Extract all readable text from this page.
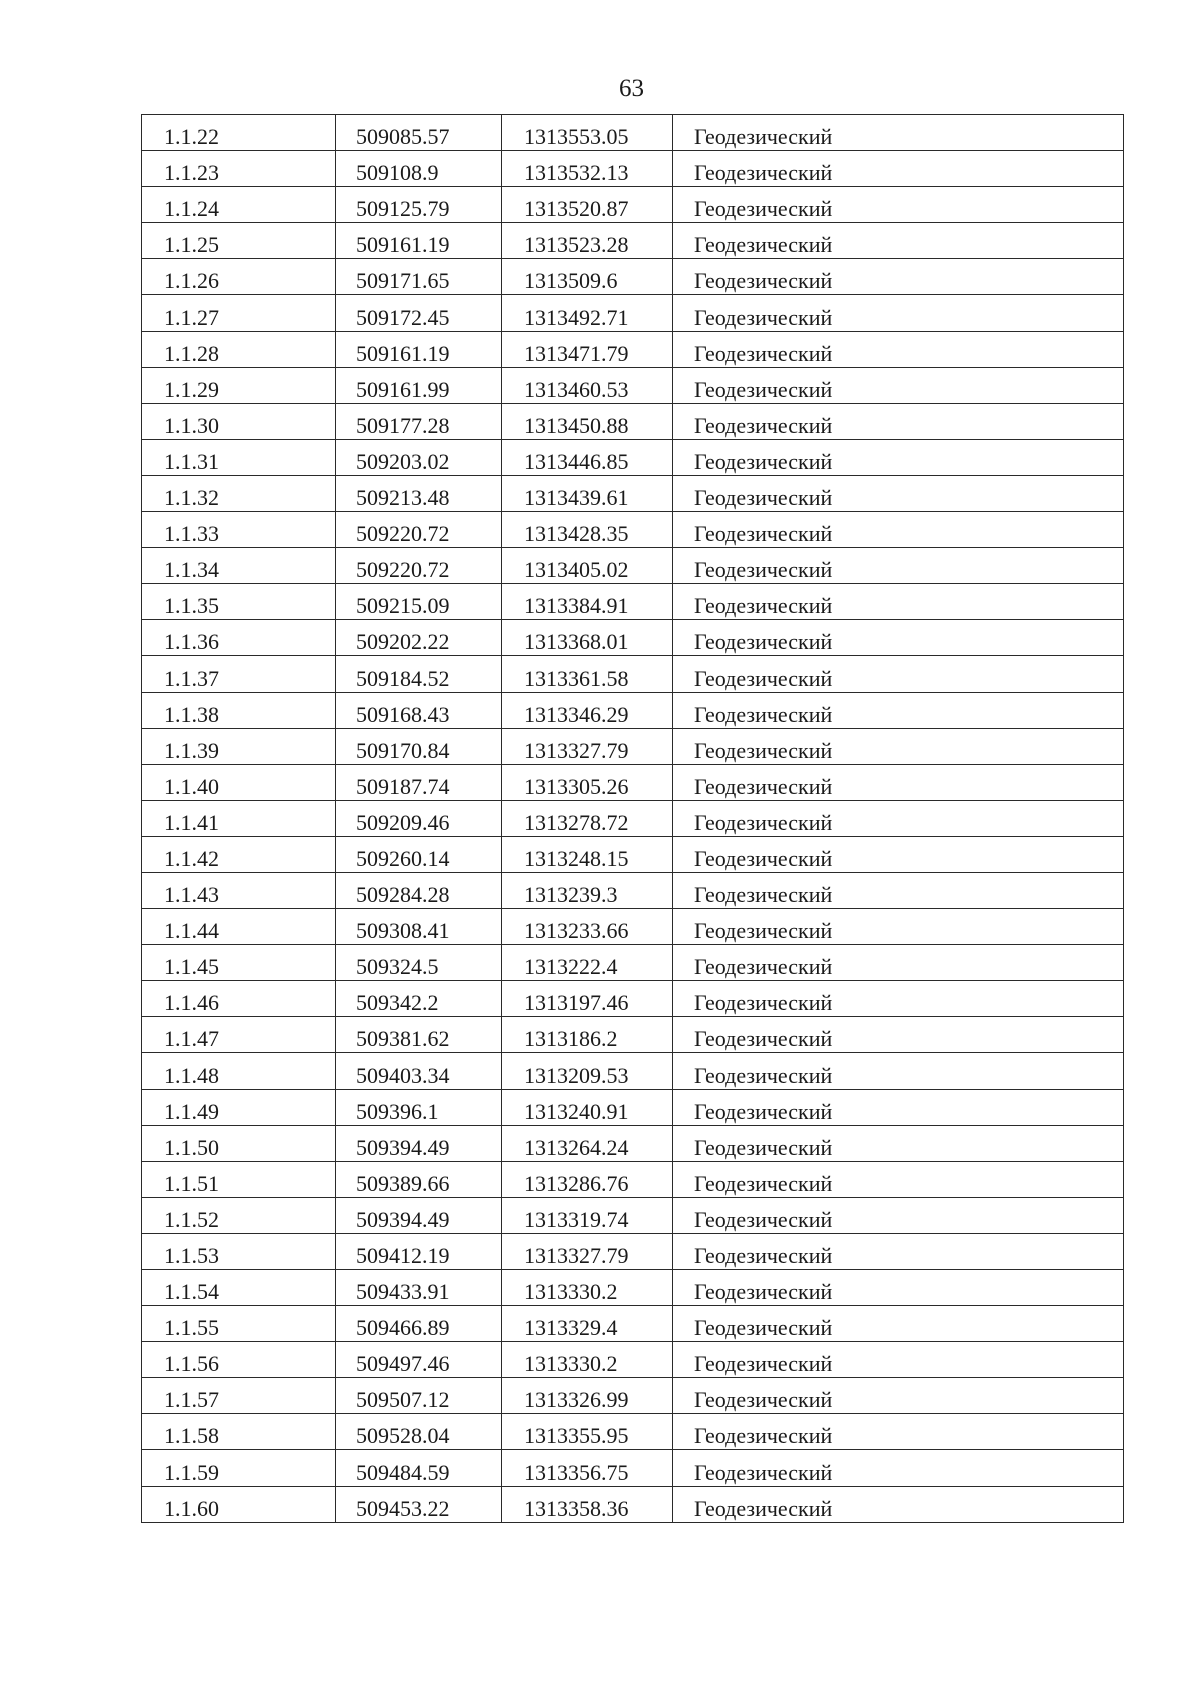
63
1.1.22	509085.57	1313553.05	Геодезический
1.1.23	509108.9	1313532.13	Геодезический
1.1.24	509125.79	1313520.87	Геодезический
1.1.25	509161.19	1313523.28	Геодезический
1.1.26	509171.65	1313509.6	Геодезический
1.1.27	509172.45	1313492.71	Геодезический
1.1.28	509161.19	1313471.79	Геодезический
1.1.29	509161.99	1313460.53	Геодезический
1.1.30	509177.28	1313450.88	Геодезический
1.1.31	509203.02	1313446.85	Геодезический
1.1.32	509213.48	1313439.61	Геодезический
1.1.33	509220.72	1313428.35	Геодезический
1.1.34	509220.72	1313405.02	Геодезический
1.1.35	509215.09	1313384.91	Геодезический
1.1.36	509202.22	1313368.01	Геодезический
1.1.37	509184.52	1313361.58	Геодезический
1.1.38	509168.43	1313346.29	Геодезический
1.1.39	509170.84	1313327.79	Геодезический
1.1.40	509187.74	1313305.26	Геодезический
1.1.41	509209.46	1313278.72	Геодезический
1.1.42	509260.14	1313248.15	Геодезический
1.1.43	509284.28	1313239.3	Геодезический
1.1.44	509308.41	1313233.66	Геодезический
1.1.45	509324.5	1313222.4	Геодезический
1.1.46	509342.2	1313197.46	Геодезический
1.1.47	509381.62	1313186.2	Геодезический
1.1.48	509403.34	1313209.53	Геодезический
1.1.49	509396.1	1313240.91	Геодезический
1.1.50	509394.49	1313264.24	Геодезический
1.1.51	509389.66	1313286.76	Геодезический
1.1.52	509394.49	1313319.74	Геодезический
1.1.53	509412.19	1313327.79	Геодезический
1.1.54	509433.91	1313330.2	Геодезический
1.1.55	509466.89	1313329.4	Геодезический
1.1.56	509497.46	1313330.2	Геодезический
1.1.57	509507.12	1313326.99	Геодезический
1.1.58	509528.04	1313355.95	Геодезический
1.1.59	509484.59	1313356.75	Геодезический
1.1.60	509453.22	1313358.36	Геодезический
